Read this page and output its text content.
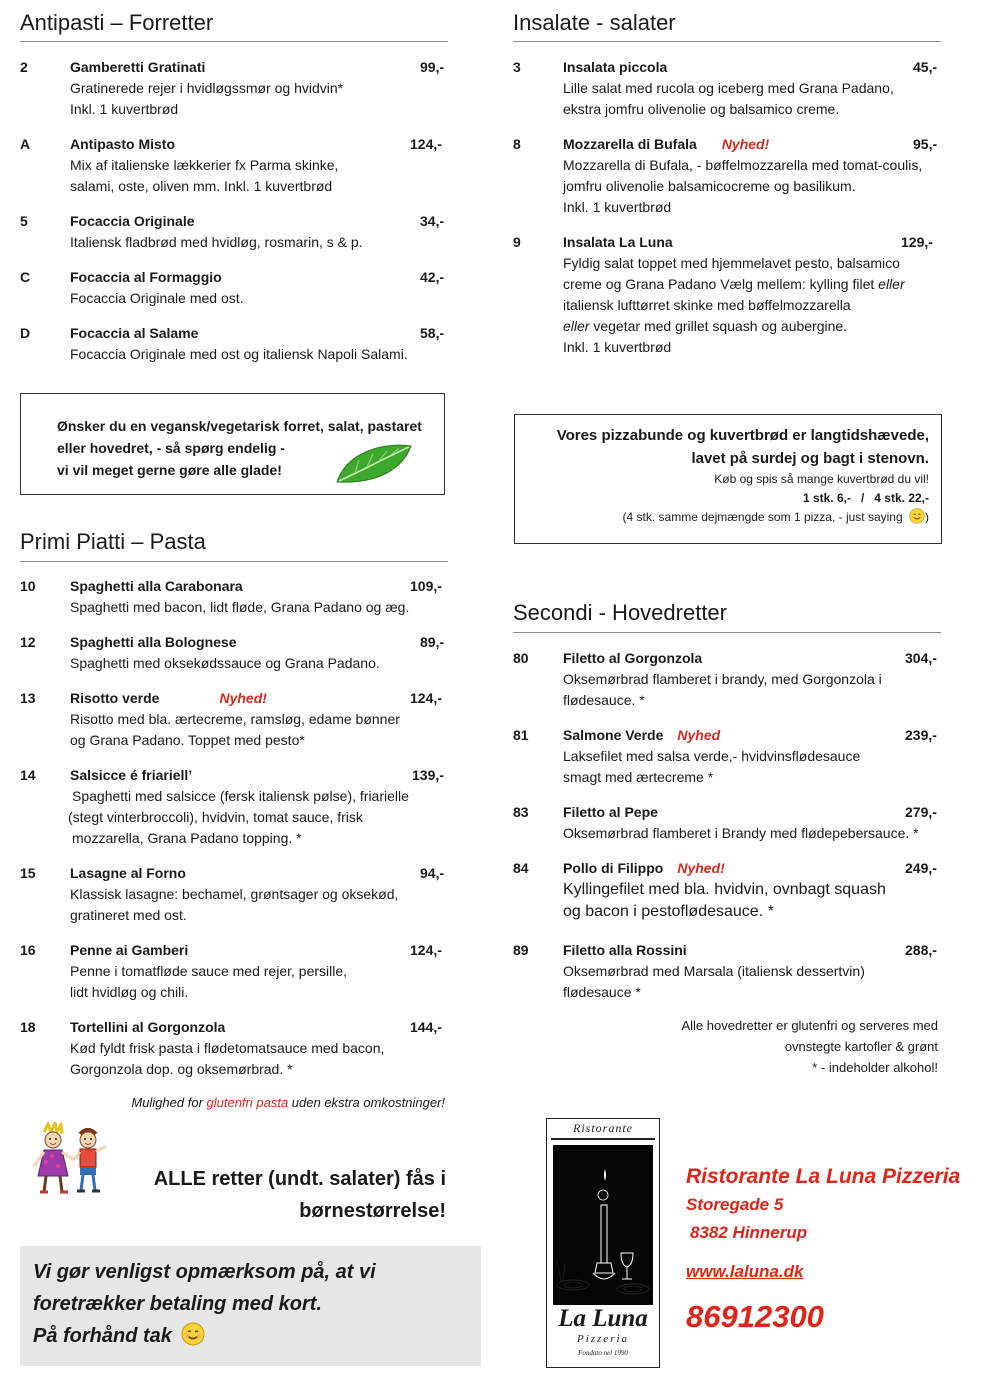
Antipasti – Forretter
2	Gamberetti Gratinati	99,-
Gratinerede rejer i hvidløgssmør og hvidvin*
Inkl. 1 kuvertbrød
A	Antipasto Misto	124,-
Mix af italienske lækkerier fx Parma skinke,
salami, oste, oliven mm. Inkl. 1 kuvertbrød
5	Focaccia Originale	34,-
Italiensk fladbrød med hvidløg, rosmarin, s & p.
C	Focaccia al Formaggio	42,-
Focaccia Originale med ost.
D	Focaccia al Salame	58,-
Focaccia Originale med ost og italiensk Napoli Salami.
Ønsker du en vegansk/vegetarisk forret, salat, pastaret
eller hovedret, - så spørg endelig -
vi vil meget gerne gøre alle glade!
Primi Piatti – Pasta
10 Spaghetti alla Carabonara	109,-
Spaghetti med bacon, lidt fløde, Grana Padano og æg.
12 Spaghetti alla Bolognese	89,-
Spaghetti med oksekødssauce og Grana Padano.
13 Risotto verde	Nyhed!	124,-
Risotto med bla. ærtecreme, ramsløg, edame bønner
og Grana Padano. Toppet med pesto*
14 Salsicce é friariell’	139,-
Spaghetti med salsicce (fersk italiensk pølse), friarielle
(stegt vinterbroccoli), hvidvin, tomat sauce, frisk
mozzarella, Grana Padano topping. *
15 Lasagne al Forno	94,-
Klassisk lasagne: bechamel, grøntsager og oksekød,
gratineret med ost.
16 Penne ai Gamberi	124,-
Penne i tomatfløde sauce med rejer, persille,
lidt hvidløg og chili.
18 Tortellini al Gorgonzola	144,-
Kød fyldt frisk pasta i flødetomatsauce med bacon,
Gorgonzola dop. og oksemørbrad. *
Mulighed for glutenfri pasta uden ekstra omkostninger!
ALLE retter (undt. salater) fås i
børnestørrelse!
Vi gør venligst opmærksom på, at vi
foretrækker betaling med kort.
På forhånd tak
Insalate - salater
3	Insalata piccola	45,-
Lille salat med rucola og iceberg med Grana Padano,
ekstra jomfru olivenolie og balsamico creme.
8	Mozzarella di Bufala Nyhed!	95,-
Mozzarella di Bufala, - bøffelmozzarella med tomat-coulis,
jomfru olivenolie balsamicocreme og basilikum.
Inkl. 1 kuvertbrød
9	Insalata La Luna	129,-
Fyldig salat toppet med hjemmelavet pesto, balsamico
creme og Grana Padano Vælg mellem: kylling filet eller
italiensk lufttørret skinke med bøffelmozzarella
eller vegetar med grillet squash og aubergine.
Inkl. 1 kuvertbrød
Vores pizzabunde og kuvertbrød er langtidshævede,
lavet på surdej og bagt i stenovn.
Køb og spis så mange kuvertbrød du vil!
1 stk. 6,-   /   4 stk. 22,-
(4 stk. samme dejmængde som 1 pizza, - just saying )
Secondi - Hovedretter
80 Filetto al Gorgonzola	304,-
Oksemørbrad flamberet i brandy, med Gorgonzola i
flødesauce. *
81 Salmone Verde Nyhed	239,-
Laksefilet med salsa verde,- hvidvinsflødesauce
smagt med ærtecreme *
83 Filetto al Pepe	279,-
Oksemørbrad flamberet i Brandy med flødepebersauce. *
84 Pollo di Filippo Nyhed!	249,-
Kyllingefilet med bla. hvidvin, ovnbagt squash
og bacon i pestoflødesauce. *
89 Filetto alla Rossini	288,-
Oksemørbrad med Marsala (italiensk dessertvin)
flødesauce *
Alle hovedretter er glutenfri og serveres med
ovnstegte kartofler & grønt
* - indeholder alkohol!
Ristorante
La Luna
Pizzeria
Fondato nel 1990
Ristorante La Luna Pizzeria
Storegade 5
8382 Hinnerup
www.laluna.dk
86912300
